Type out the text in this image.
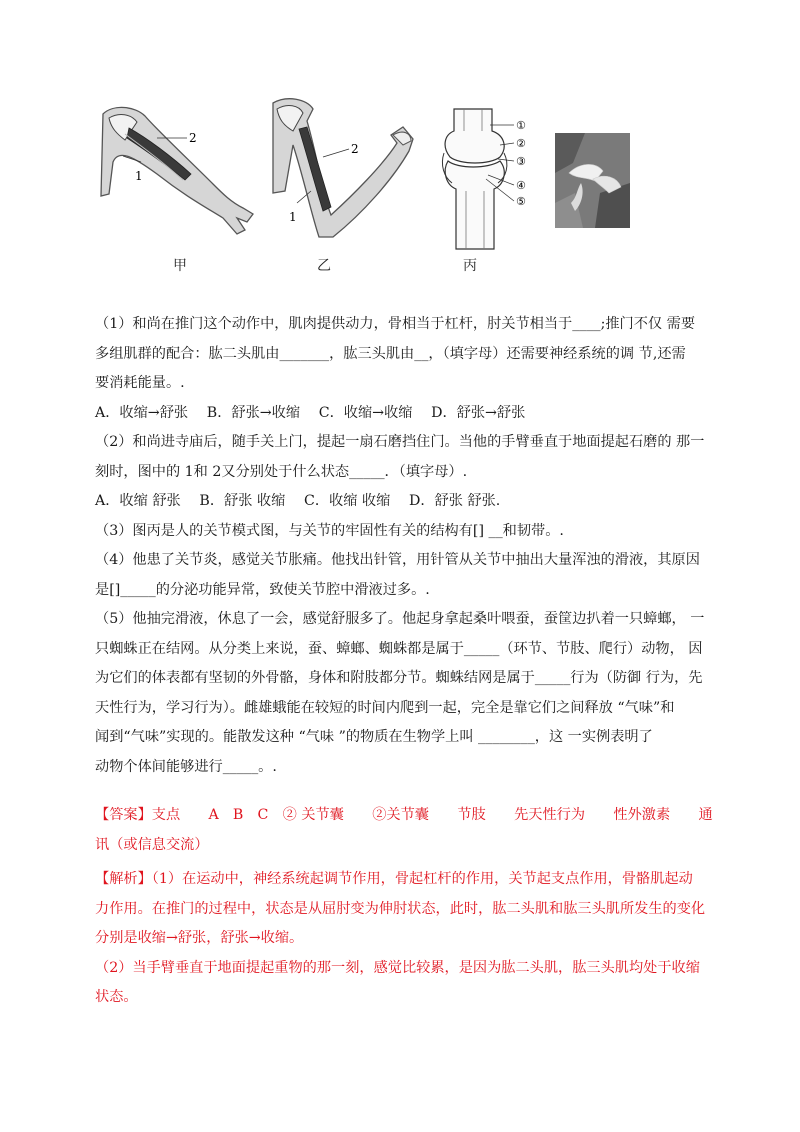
2
1
2
1
①
②
③
④
⑤
甲	乙	丙
（1）和尚在推门这个动作中，肌肉提供动力，骨相当于杠杆，肘关节相当于____;推门不仅 需要
多组肌群的配合：肱二头肌由_______，肱三头肌由__，（填字母）还需要神经系统的调 节,还需
要消耗能量。.
A．收缩→舒张　 B．舒张→收缩　 C．收缩→收缩　 D．舒张→舒张
（2）和尚进寺庙后，随手关上门，提起一扇石磨挡住门。当他的手臂垂直于地面提起石磨的 那一
刻时，图中的 1和 2又分别处于什么状态_____．（填字母）.
A．收缩 舒张　 B．舒张 收缩　 C．收缩 收缩　 D．舒张 舒张.
（3）图丙是人的关节模式图，与关节的牢固性有关的结构有[] __和韧带。.
（4）他患了关节炎，感觉关节胀痛。他找出针管，用针管从关节中抽出大量浑浊的滑液，其原因
是[]_____的分泌功能异常，致使关节腔中滑液过多。.
（5）他抽完滑液，休息了一会，感觉舒服多了。他起身拿起桑叶喂蚕，蚕筐边扒着一只蟑螂， 一
只蜘蛛正在结网。从分类上来说，蚕、蟑螂、蜘蛛都是属于_____（环节、节肢、爬行）动物， 因
为它们的体表都有坚韧的外骨骼，身体和附肢都分节。蜘蛛结网是属于_____行为（防御 行为，先
天性行为，学习行为）。雌雄蛾能在较短的时间内爬到一起，完全是靠它们之间释放 “气味”和
闻到“气味”实现的。能散发这种 “气味 ”的物质在生物学上叫 ________，这 一实例表明了
动物个体间能够进行_____。.
【答案】支点　　A　B　C　② 关节囊　　②关节囊　　节肢　　先天性行为　　性外激素　　通
讯（或信息交流）
【解析】（1）在运动中，神经系统起调节作用，骨起杠杆的作用，关节起支点作用，骨骼肌起动
力作用。在推门的过程中，状态是从屈肘变为伸肘状态，此时，肱二头肌和肱三头肌所发生的变化
分别是收缩→舒张，舒张→收缩。
（2）当手臂垂直于地面提起重物的那一刻，感觉比较累，是因为肱二头肌，肱三头肌均处于收缩
状态。
